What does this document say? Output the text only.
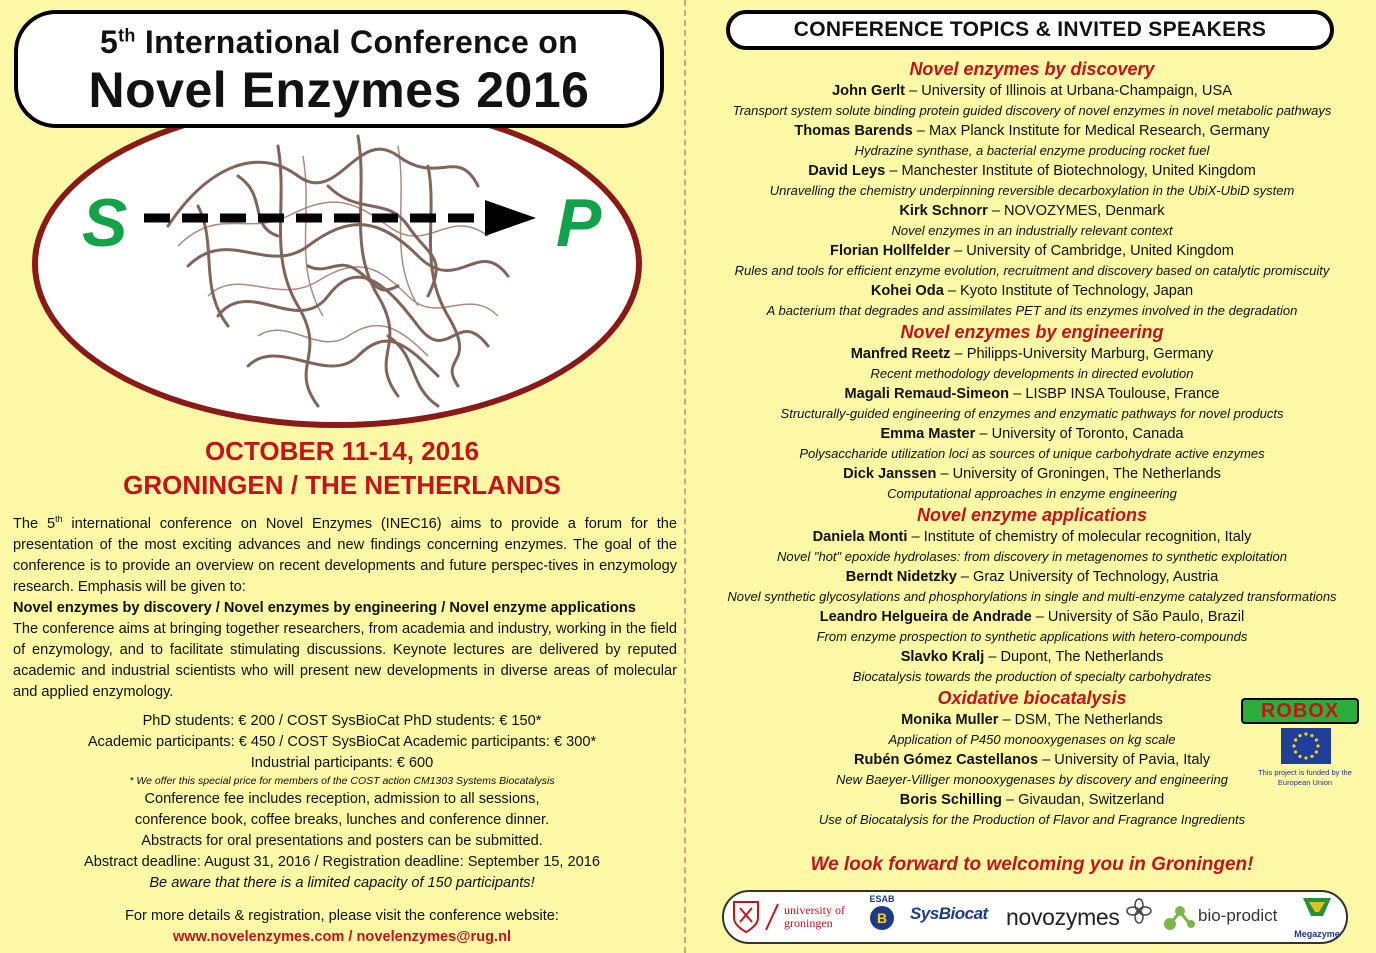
5th International Conference on
Novel Enzymes 2016
S	P
OCTOBER 11-14, 2016
GRONINGEN / THE NETHERLANDS
The 5th international conference on Novel Enzymes (INEC16) aims to provide a forum for the presentation of the most exciting advances and new findings concerning enzymes. The goal of the conference is to provide an overview on recent developments and future perspec-tives in enzymology research. Emphasis will be given to:
Novel enzymes by discovery / Novel enzymes by engineering / Novel enzyme applications
The conference aims at bringing together researchers, from academia and industry, working in the field of enzymology, and to facilitate stimulating discussions. Keynote lectures are delivered by reputed academic and industrial scientists who will present new developments in diverse areas of molecular and applied enzymology.
PhD students: € 200 / COST SysBioCat PhD students: € 150*
Academic participants: € 450 / COST SysBioCat Academic participants: € 300*
Industrial participants: € 600
* We offer this special price for members of the COST action CM1303 Systems Biocatalysis
Conference fee includes reception, admission to all sessions,
conference book, coffee breaks, lunches and conference dinner.
Abstracts for oral presentations and posters can be submitted.
Abstract deadline: August 31, 2016 / Registration deadline: September 15, 2016
Be aware that there is a limited capacity of 150 participants!
For more details & registration, please visit the conference website:
www.novelenzymes.com / novelenzymes@rug.nl
CONFERENCE TOPICS & INVITED SPEAKERS
Novel enzymes by discovery
John Gerlt – University of Illinois at Urbana-Champaign, USA
Transport system solute binding protein guided discovery of novel enzymes in novel metabolic pathways
Thomas Barends – Max Planck Institute for Medical Research, Germany
Hydrazine synthase, a bacterial enzyme producing rocket fuel
David Leys – Manchester Institute of Biotechnology, United Kingdom
Unravelling the chemistry underpinning reversible decarboxylation in the UbiX-UbiD system
Kirk Schnorr – NOVOZYMES, Denmark
Novel enzymes in an industrially relevant context
Florian Hollfelder – University of Cambridge, United Kingdom
Rules and tools for efficient enzyme evolution, recruitment and discovery based on catalytic promiscuity
Kohei Oda – Kyoto Institute of Technology, Japan
A bacterium that degrades and assimilates PET and its enzymes involved in the degradation
Novel enzymes by engineering
Manfred Reetz – Philipps-University Marburg, Germany
Recent methodology developments in directed evolution
Magali Remaud-Simeon – LISBP INSA Toulouse, France
Structurally-guided engineering of enzymes and enzymatic pathways for novel products
Emma Master – University of Toronto, Canada
Polysaccharide utilization loci as sources of unique carbohydrate active enzymes
Dick Janssen – University of Groningen, The Netherlands
Computational approaches in enzyme engineering
Novel enzyme applications
Daniela Monti – Institute of chemistry of molecular recognition, Italy
Novel "hot" epoxide hydrolases: from discovery in metagenomes to synthetic exploitation
Berndt Nidetzky – Graz University of Technology, Austria
Novel synthetic glycosylations and phosphorylations in single and multi-enzyme catalyzed transformations
Leandro Helgueira de Andrade – University of São Paulo, Brazil
From enzyme prospection to synthetic applications with hetero-compounds
Slavko Kralj – Dupont, The Netherlands
Biocatalysis towards the production of specialty carbohydrates
Oxidative biocatalysis
Monika Muller – DSM, The Netherlands
Application of P450 monooxygenases on kg scale
Rubén Gómez Castellanos – University of Pavia, Italy
New Baeyer-Villiger monooxygenases by discovery and engineering
Boris Schilling – Givaudan, Switzerland
Use of Biocatalysis for the Production of Flavor and Fragrance Ingredients
ROBOX
This project is funded by the European Union
We look forward to welcoming you in Groningen!
university of
groningen
ESAB
B SysBiocat novozymes	bio-prodict
Megazyme
